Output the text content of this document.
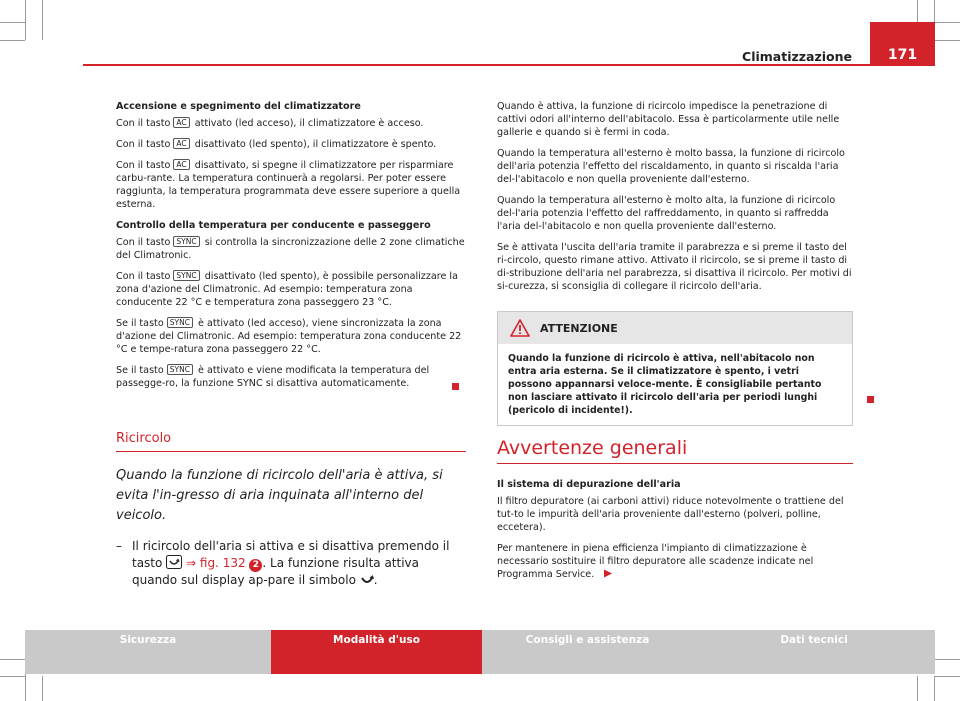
Climatizzazione	171

Accensione e spegnimento del climatizzatore

Con il tasto AC attivato (led acceso), il climatizzatore è acceso.

Con il tasto AC disattivato (led spento), il climatizzatore è spento.

Con il tasto AC disattivato, si spegne il climatizzatore per risparmiare carbu-rante. La temperatura continuerà a regolarsi. Per poter essere raggiunta, la temperatura programmata deve essere superiore a quella esterna.

Controllo della temperatura per conducente e passeggero

Con il tasto SYNC si controlla la sincronizzazione delle 2 zone climatiche del Climatronic.

Con il tasto SYNC disattivato (led spento), è possibile personalizzare la zona d'azione del Climatronic. Ad esempio: temperatura zona conducente 22 °C e temperatura zona passeggero 23 °C.

Se il tasto SYNC è attivato (led acceso), viene sincronizzata la zona d'azione del Climatronic. Ad esempio: temperatura zona conducente 22 °C e tempe-ratura zona passeggero 22 °C.

Se il tasto SYNC è attivato e viene modificata la temperatura del passegge-ro, la funzione SYNC si disattiva automaticamente.

Ricircolo
Quando la funzione di ricircolo dell'aria è attiva, si evita l'in-gresso di aria inquinata all'interno del veicolo.
– Il ricircolo dell'aria si attiva e si disattiva premendo il tasto ⇒ fig. 132 2 . La funzione risulta attiva quando sul display ap-pare il simbolo .

Quando è attiva, la funzione di ricircolo impedisce la penetrazione di cattivi odori all'interno dell'abitacolo. Essa è particolarmente utile nelle gallerie e quando si è fermi in coda.

Quando la temperatura all'esterno è molto bassa, la funzione di ricircolo dell'aria potenzia l'effetto del riscaldamento, in quanto si riscalda l'aria del-l'abitacolo e non quella proveniente dall'esterno.

Quando la temperatura all'esterno è molto alta, la funzione di ricircolo del-l'aria potenzia l'effetto del raffreddamento, in quanto si raffredda l'aria del-l'abitacolo e non quella proveniente dall'esterno.

Se è attivata l'uscita dell'aria tramite il parabrezza e si preme il tasto del ri-circolo, questo rimane attivo. Attivato il ricircolo, se si preme il tasto di di-stribuzione dell'aria nel parabrezza, si disattiva il ricircolo. Per motivi di si-curezza, si sconsiglia di collegare il ricircolo dell'aria.

ATTENZIONE
Quando la funzione di ricircolo è attiva, nell'abitacolo non entra aria esterna. Se il climatizzatore è spento, i vetri possono appannarsi veloce-mente. È consigliabile pertanto non lasciare attivato il ricircolo dell'aria per periodi lunghi (pericolo di incidente!).
Avvertenze generali

Il sistema di depurazione dell'aria

Il filtro depuratore (ai carboni attivi) riduce notevolmente o trattiene del tut-to le impurità dell'aria proveniente dall'esterno (polveri, polline, eccetera).

Per mantenere in piena efficienza l'impianto di climatizzazione è necessario sostituire il filtro depuratore alle scadenze indicate nel Programma Service.

Sicurezza	Modalità d'uso	Consigli e assistenza	Dati tecnici
